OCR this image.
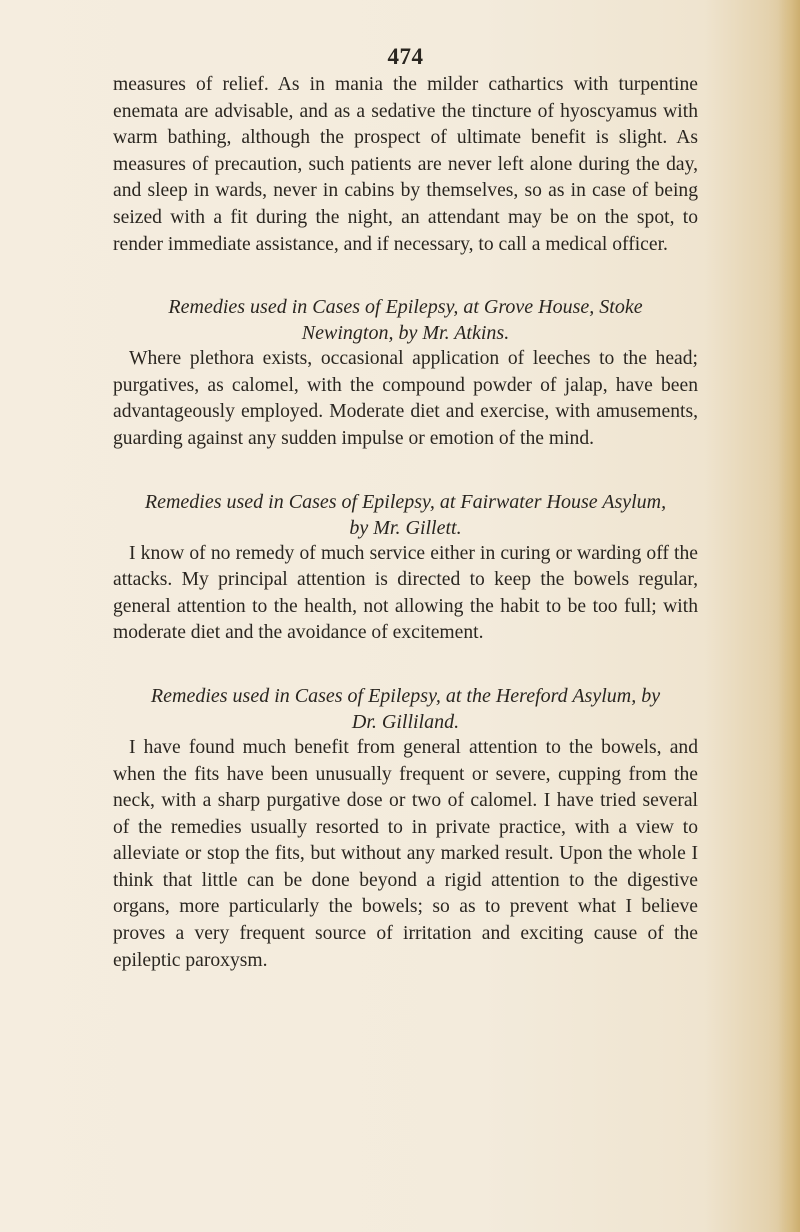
474

measures of relief. As in mania the milder cathartics with turpentine enemata are advisable, and as a sedative the tincture of hyoscyamus with warm bathing, although the prospect of ultimate benefit is slight. As measures of precaution, such patients are never left alone during the day, and sleep in wards, never in cabins by themselves, so as in case of being seized with a fit during the night, an attendant may be on the spot, to render immediate assistance, and if necessary, to call a medical officer.

Remedies used in Cases of Epilepsy, at Grove House, Stoke
Newington, by Mr. Atkins.

Where plethora exists, occasional application of leeches to the head; purgatives, as calomel, with the compound powder of jalap, have been advantageously employed. Moderate diet and exercise, with amusements, guarding against any sudden impulse or emotion of the mind.

Remedies used in Cases of Epilepsy, at Fairwater House Asylum,
by Mr. Gillett.

I know of no remedy of much service either in curing or warding off the attacks. My principal attention is directed to keep the bowels regular, general attention to the health, not allowing the habit to be too full; with moderate diet and the avoidance of excitement.

Remedies used in Cases of Epilepsy, at the Hereford Asylum, by
Dr. Gilliland.

I have found much benefit from general attention to the bowels, and when the fits have been unusually frequent or severe, cupping from the neck, with a sharp purgative dose or two of calomel. I have tried several of the remedies usually resorted to in private practice, with a view to alleviate or stop the fits, but without any marked result. Upon the whole I think that little can be done beyond a rigid attention to the digestive organs, more particularly the bowels; so as to prevent what I believe proves a very frequent source of irritation and exciting cause of the epileptic paroxysm.
